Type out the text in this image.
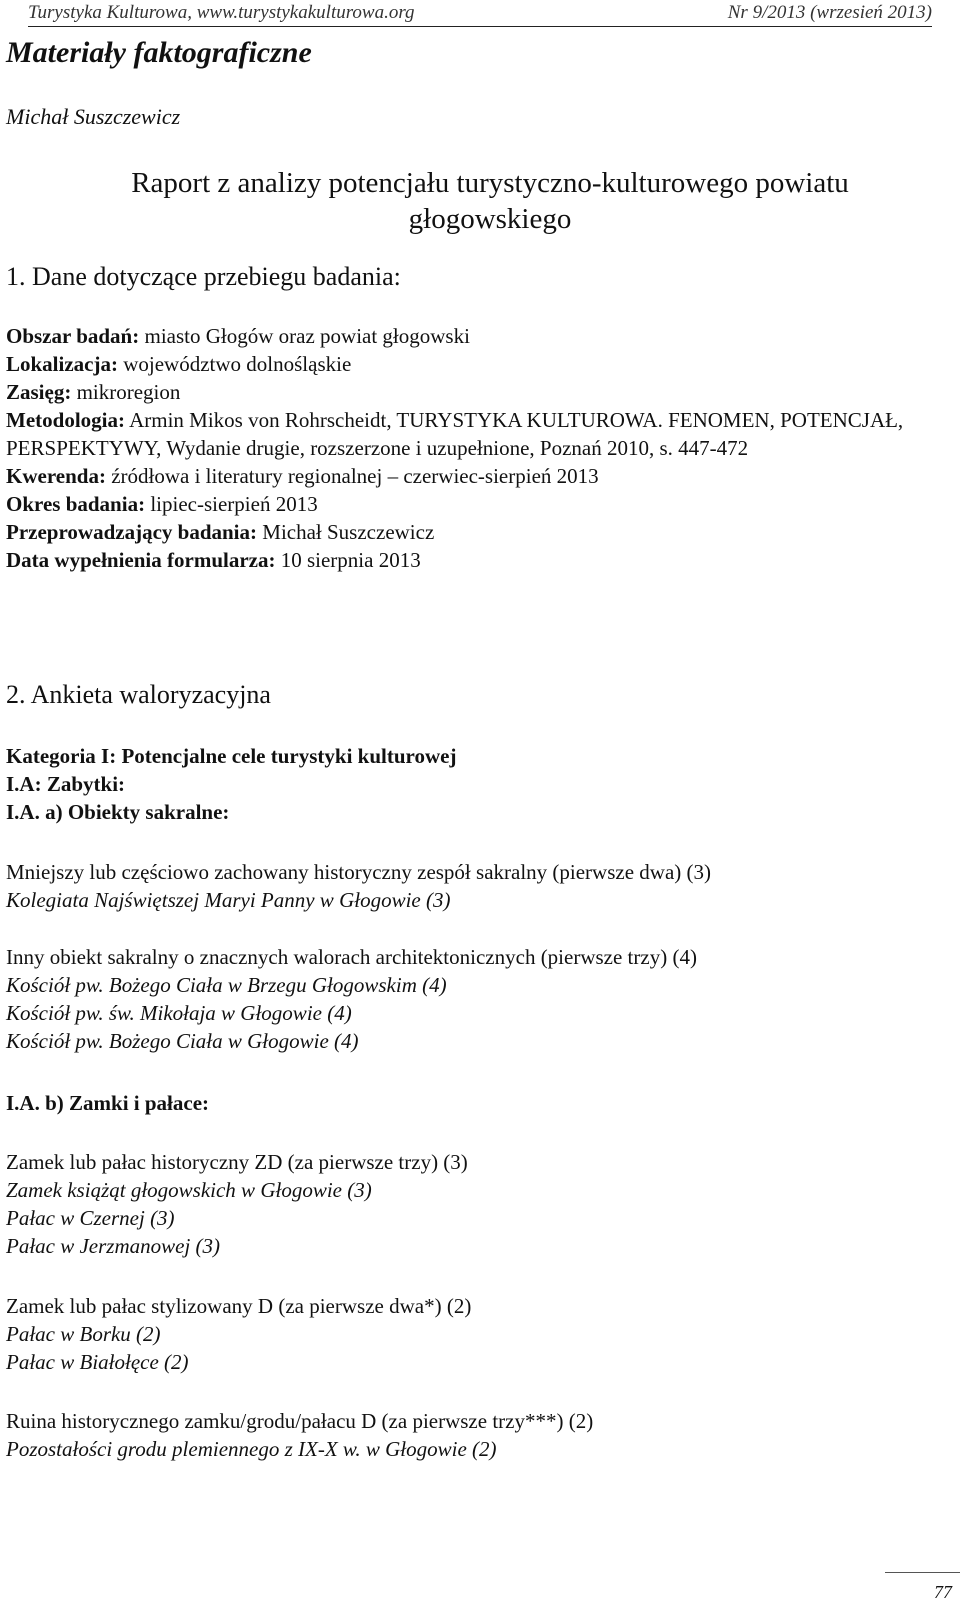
Turystyka Kulturowa, www.turystykakulturowa.org	Nr 9/2013 (wrzesień 2013)
Materiały faktograficzne
Michał Suszczewicz
Raport z analizy potencjału turystyczno-kulturowego powiatu
głogowskiego
1. Dane dotyczące przebiegu badania:
Obszar badań: miasto Głogów oraz powiat głogowski
Lokalizacja: województwo dolnośląskie
Zasięg: mikroregion
Metodologia: Armin Mikos von Rohrscheidt, TURYSTYKA KULTUROWA. FENOMEN, POTENCJAŁ, PERSPEKTYWY, Wydanie drugie, rozszerzone i uzupełnione, Poznań 2010, s. 447-472
Kwerenda: źródłowa i literatury regionalnej – czerwiec-sierpień 2013
Okres badania: lipiec-sierpień 2013
Przeprowadzający badania: Michał Suszczewicz
Data wypełnienia formularza: 10 sierpnia 2013
2. Ankieta waloryzacyjna
Kategoria I: Potencjalne cele turystyki kulturowej
I.A: Zabytki:
I.A. a) Obiekty sakralne:
Mniejszy lub częściowo zachowany historyczny zespół sakralny (pierwsze dwa) (3)
Kolegiata Najświętszej Maryi Panny w Głogowie (3)
Inny obiekt sakralny o znacznych walorach architektonicznych (pierwsze trzy) (4)
Kościół pw. Bożego Ciała w Brzegu Głogowskim (4)
Kościół pw. św. Mikołaja w Głogowie (4)
Kościół pw. Bożego Ciała w Głogowie (4)
I.A. b) Zamki i pałace:
Zamek lub pałac historyczny ZD (za pierwsze trzy) (3)
Zamek książąt głogowskich w Głogowie (3)
Pałac w Czernej (3)
Pałac w Jerzmanowej (3)
Zamek lub pałac stylizowany D (za pierwsze dwa*) (2)
Pałac w Borku (2)
Pałac w Białołęce (2)
Ruina historycznego zamku/grodu/pałacu D (za pierwsze trzy***) (2)
Pozostałości grodu plemiennego z IX-X w. w Głogowie (2)
77
